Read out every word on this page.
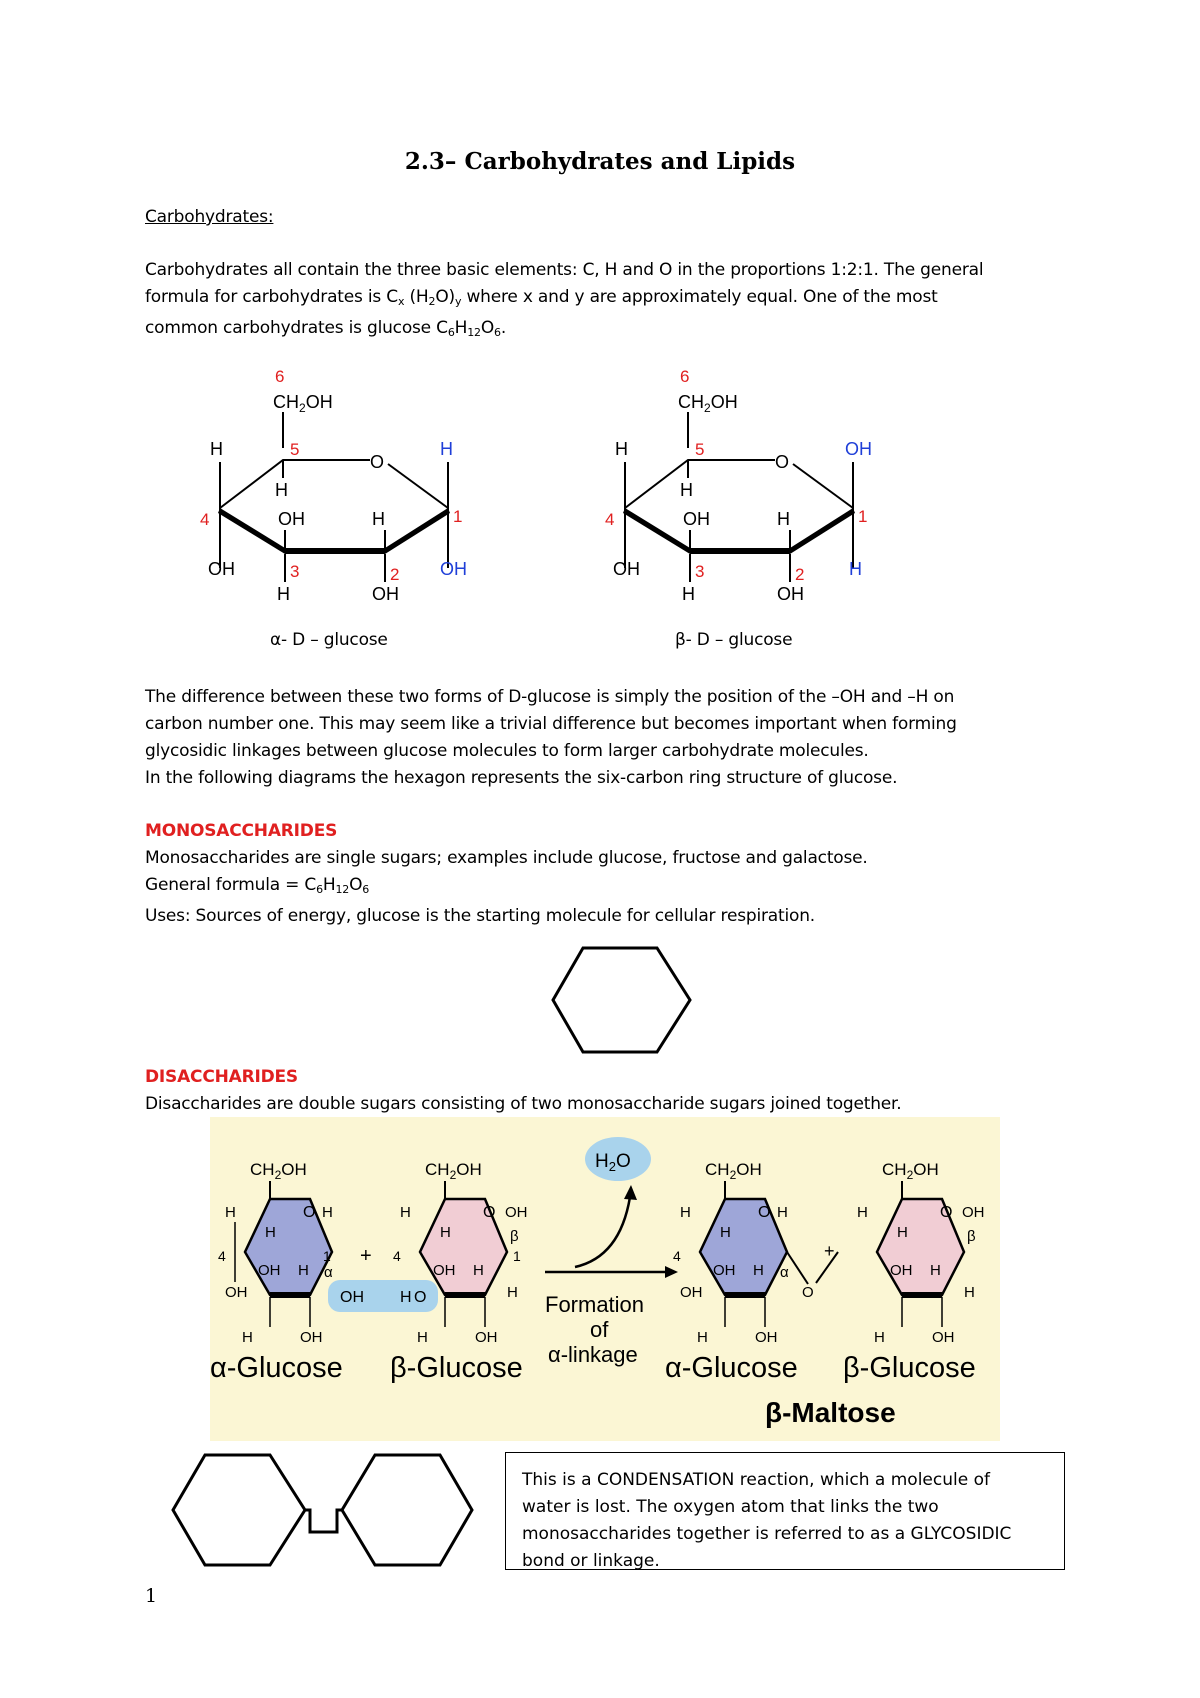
2.3– Carbohydrates and Lipids
Carbohydrates:
Carbohydrates all contain the three basic elements: C, H and O in the proportions 1:2:1. The general
formula for carbohydrates is $C_x$ $(H_2O)_y$ where x and y are approximately equal. One of the most
common carbohydrates is glucose $C_6H_{12}O_6$.
6
$CH_2OH$
H	5	H
O
H
4	OH	H	1
OH	3	2 OH
H	OH
6
$CH_2OH$
H	5	OH
O
H
4	OH	H	1
OH	3	2 H
H	OH
α- D – glucose	β- D – glucose
The difference between these two forms of D-glucose is simply the position of the –OH and –H on
carbon number one. This may seem like a trivial difference but becomes important when forming
glycosidic linkages between glucose molecules to form larger carbohydrate molecules.
In the following diagrams the hexagon represents the six-carbon ring structure of glucose.
MONOSACCHARIDES
Monosaccharides are single sugars; examples include glucose, fructose and galactose.
General formula = $C_6H_{12}O_6$
Uses: Sources of energy, glucose is the starting molecule for cellular respiration.
DISACCHARIDES
Disaccharides are double sugars consisting of two monosaccharide sugars joined together.
$CH_2OH$
O
H	H
H
OH H
4	1
α
OH
H	OH
OH H O
+
$CH_2OH$
O
H	OH
H
OH H
4	1
β
H
H	OH
$H_2O$
Formation
of
α-linkage
$CH_2OH$
O
H	H
H
OH H
4
α
OH
H	OH
O
+
$CH_2OH$
O
H	OH
H
OH H
β
H
H	OH
α-Glucose β-Glucose	α-Glucose β-Glucose
β-Maltose
This is a CONDENSATION reaction, which a molecule of
water is lost. The oxygen atom that links the two
monosaccharides together is referred to as a GLYCOSIDIC
bond or linkage.
1
